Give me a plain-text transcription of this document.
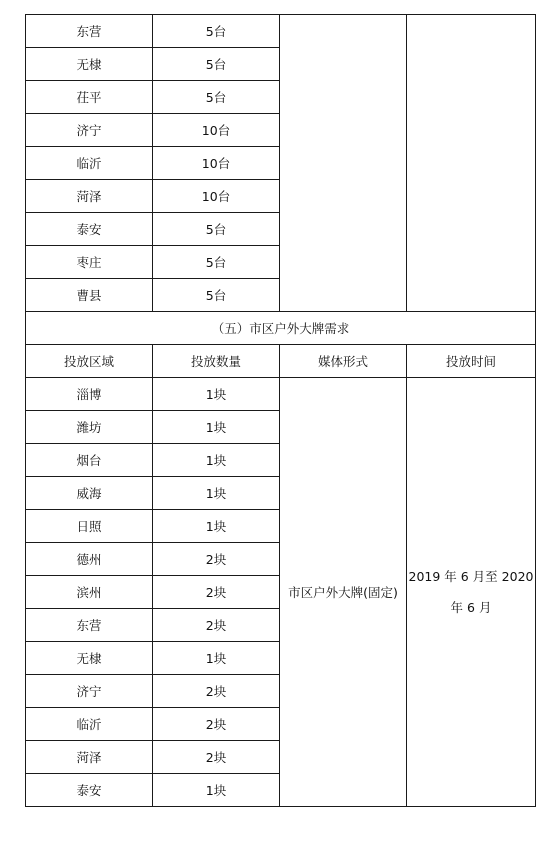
东营	5台		
无棣	5台		
茌平	5台		
济宁	10台		
临沂	10台		
菏泽	10台		
泰安	5台		
枣庄	5台		
曹县	5台		
（五）市区户外大牌需求			
投放区域	投放数量	媒体形式	投放时间
淄博	1块	市区户外大牌(固定)	2019 年 6 月至 2020
年 6 月

潍坊	1块		
烟台	1块		
威海	1块		
日照	1块		
德州	2块		
滨州	2块		
东营	2块		
无棣	1块		
济宁	2块		
临沂	2块		
菏泽	2块		
泰安	1块		
